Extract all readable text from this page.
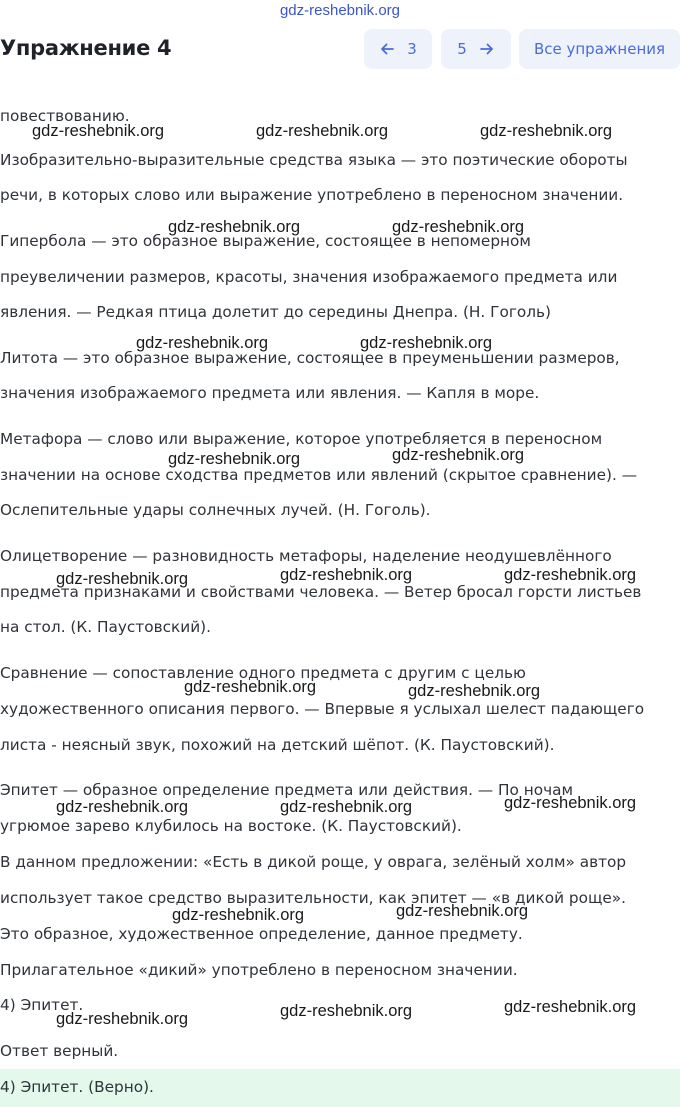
gdz-reshebnik.org
Упражнение 4	3	5	Все упражнения
повествованию.
Изобразительно-выразительные средства языка — это поэтические обороты
речи, в которых слово или выражение употреблено в переносном значении.
Гипербола — это образное выражение, состоящее в непомерном
преувеличении размеров, красоты, значения изображаемого предмета или
явления. — Редкая птица долетит до середины Днепра. (Н. Гоголь)
Литота — это образное выражение, состоящее в преуменьшении размеров,
значения изображаемого предмета или явления. — Капля в море.
Метафора — слово или выражение, которое употребляется в переносном
значении на основе сходства предметов или явлений (скрытое сравнение). —
Ослепительные удары солнечных лучей. (Н. Гоголь).
Олицетворение — разновидность метафоры, наделение неодушевлённого
предмета признаками и свойствами человека. — Ветер бросал горсти листьев
на стол. (К. Паустовский).
Сравнение — сопоставление одного предмета с другим с целью
художественного описания первого. — Впервые я услыхал шелест падающего
листа - неясный звук, похожий на детский шёпот. (К. Паустовский).
Эпитет — образное определение предмета или действия. — По ночам
угрюмое зарево клубилось на востоке. (К. Паустовский).
В данном предложении: «Есть в дикой роще, у оврага, зелёный холм» автор
использует такое средство выразительности, как эпитет — «в дикой роще».
Это образное, художественное определение, данное предмету.
Прилагательное «дикий» употреблено в переносном значении.
4) Эпитет.
Ответ верный.
4) Эпитет. (Верно).
gdz-reshebnik.org	gdz-reshebnik.org	gdz-reshebnik.org
gdz-reshebnik.org	gdz-reshebnik.org
gdz-reshebnik.org	gdz-reshebnik.org
gdz-reshebnik.org	gdz-reshebnik.org
gdz-reshebnik.org	gdz-reshebnik.org	gdz-reshebnik.org
gdz-reshebnik.org	gdz-reshebnik.org
gdz-reshebnik.org	gdz-reshebnik.org	gdz-reshebnik.org
gdz-reshebnik.org	gdz-reshebnik.org
gdz-reshebnik.org	gdz-reshebnik.org	gdz-reshebnik.org
